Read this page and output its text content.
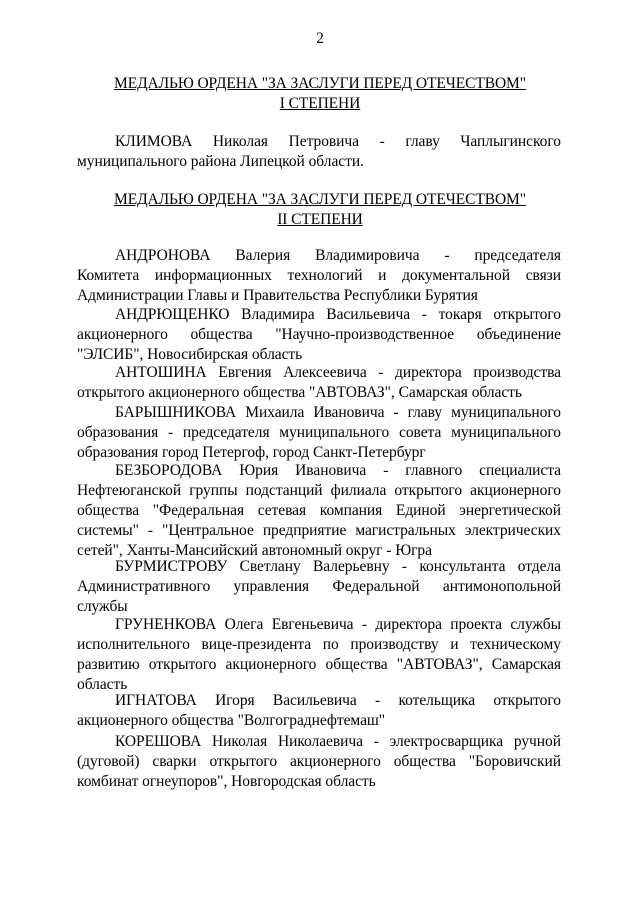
2
МЕДАЛЬЮ ОРДЕНА "ЗА ЗАСЛУГИ ПЕРЕД ОТЕЧЕСТВОМ"
I СТЕПЕНИ
КЛИМОВА Николая Петровича - главу Чаплыгинского
муниципального района Липецкой области.
МЕДАЛЬЮ ОРДЕНА "ЗА ЗАСЛУГИ ПЕРЕД ОТЕЧЕСТВОМ"
II СТЕПЕНИ
АНДРОНОВА Валерия Владимировича - председателя
Комитета информационных технологий и документальной связи
Администрации Главы и Правительства Республики Бурятия
АНДРЮЩЕНКО Владимира Васильевича - токаря открытого
акционерного общества "Научно-производственное объединение
"ЭЛСИБ", Новосибирская область
АНТОШИНА Евгения Алексеевича - директора производства
открытого акционерного общества "АВТОВАЗ", Самарская область
БАРЫШНИКОВА Михаила Ивановича - главу муниципального
образования - председателя муниципального совета муниципального
образования город Петергоф, город Санкт-Петербург
БЕЗБОРОДОВА Юрия Ивановича - главного специалиста
Нефтеюганской группы подстанций филиала открытого акционерного
общества "Федеральная сетевая компания Единой энергетической
системы" - "Центральное предприятие магистральных электрических
сетей", Ханты-Мансийский автономный округ - Югра
БУРМИСТРОВУ Светлану Валерьевну - консультанта отдела
Административного управления Федеральной антимонопольной
службы
ГРУНЕНКОВА Олега Евгеньевича - директора проекта службы
исполнительного вице-президента по производству и техническому
развитию открытого акционерного общества "АВТОВАЗ", Самарская
область
ИГНАТОВА Игоря Васильевича - котельщика открытого
акционерного общества "Волгограднефтемаш"
КОРЕШОВА Николая Николаевича - электросварщика ручной
(дуговой) сварки открытого акционерного общества "Боровичский
комбинат огнеупоров", Новгородская область
